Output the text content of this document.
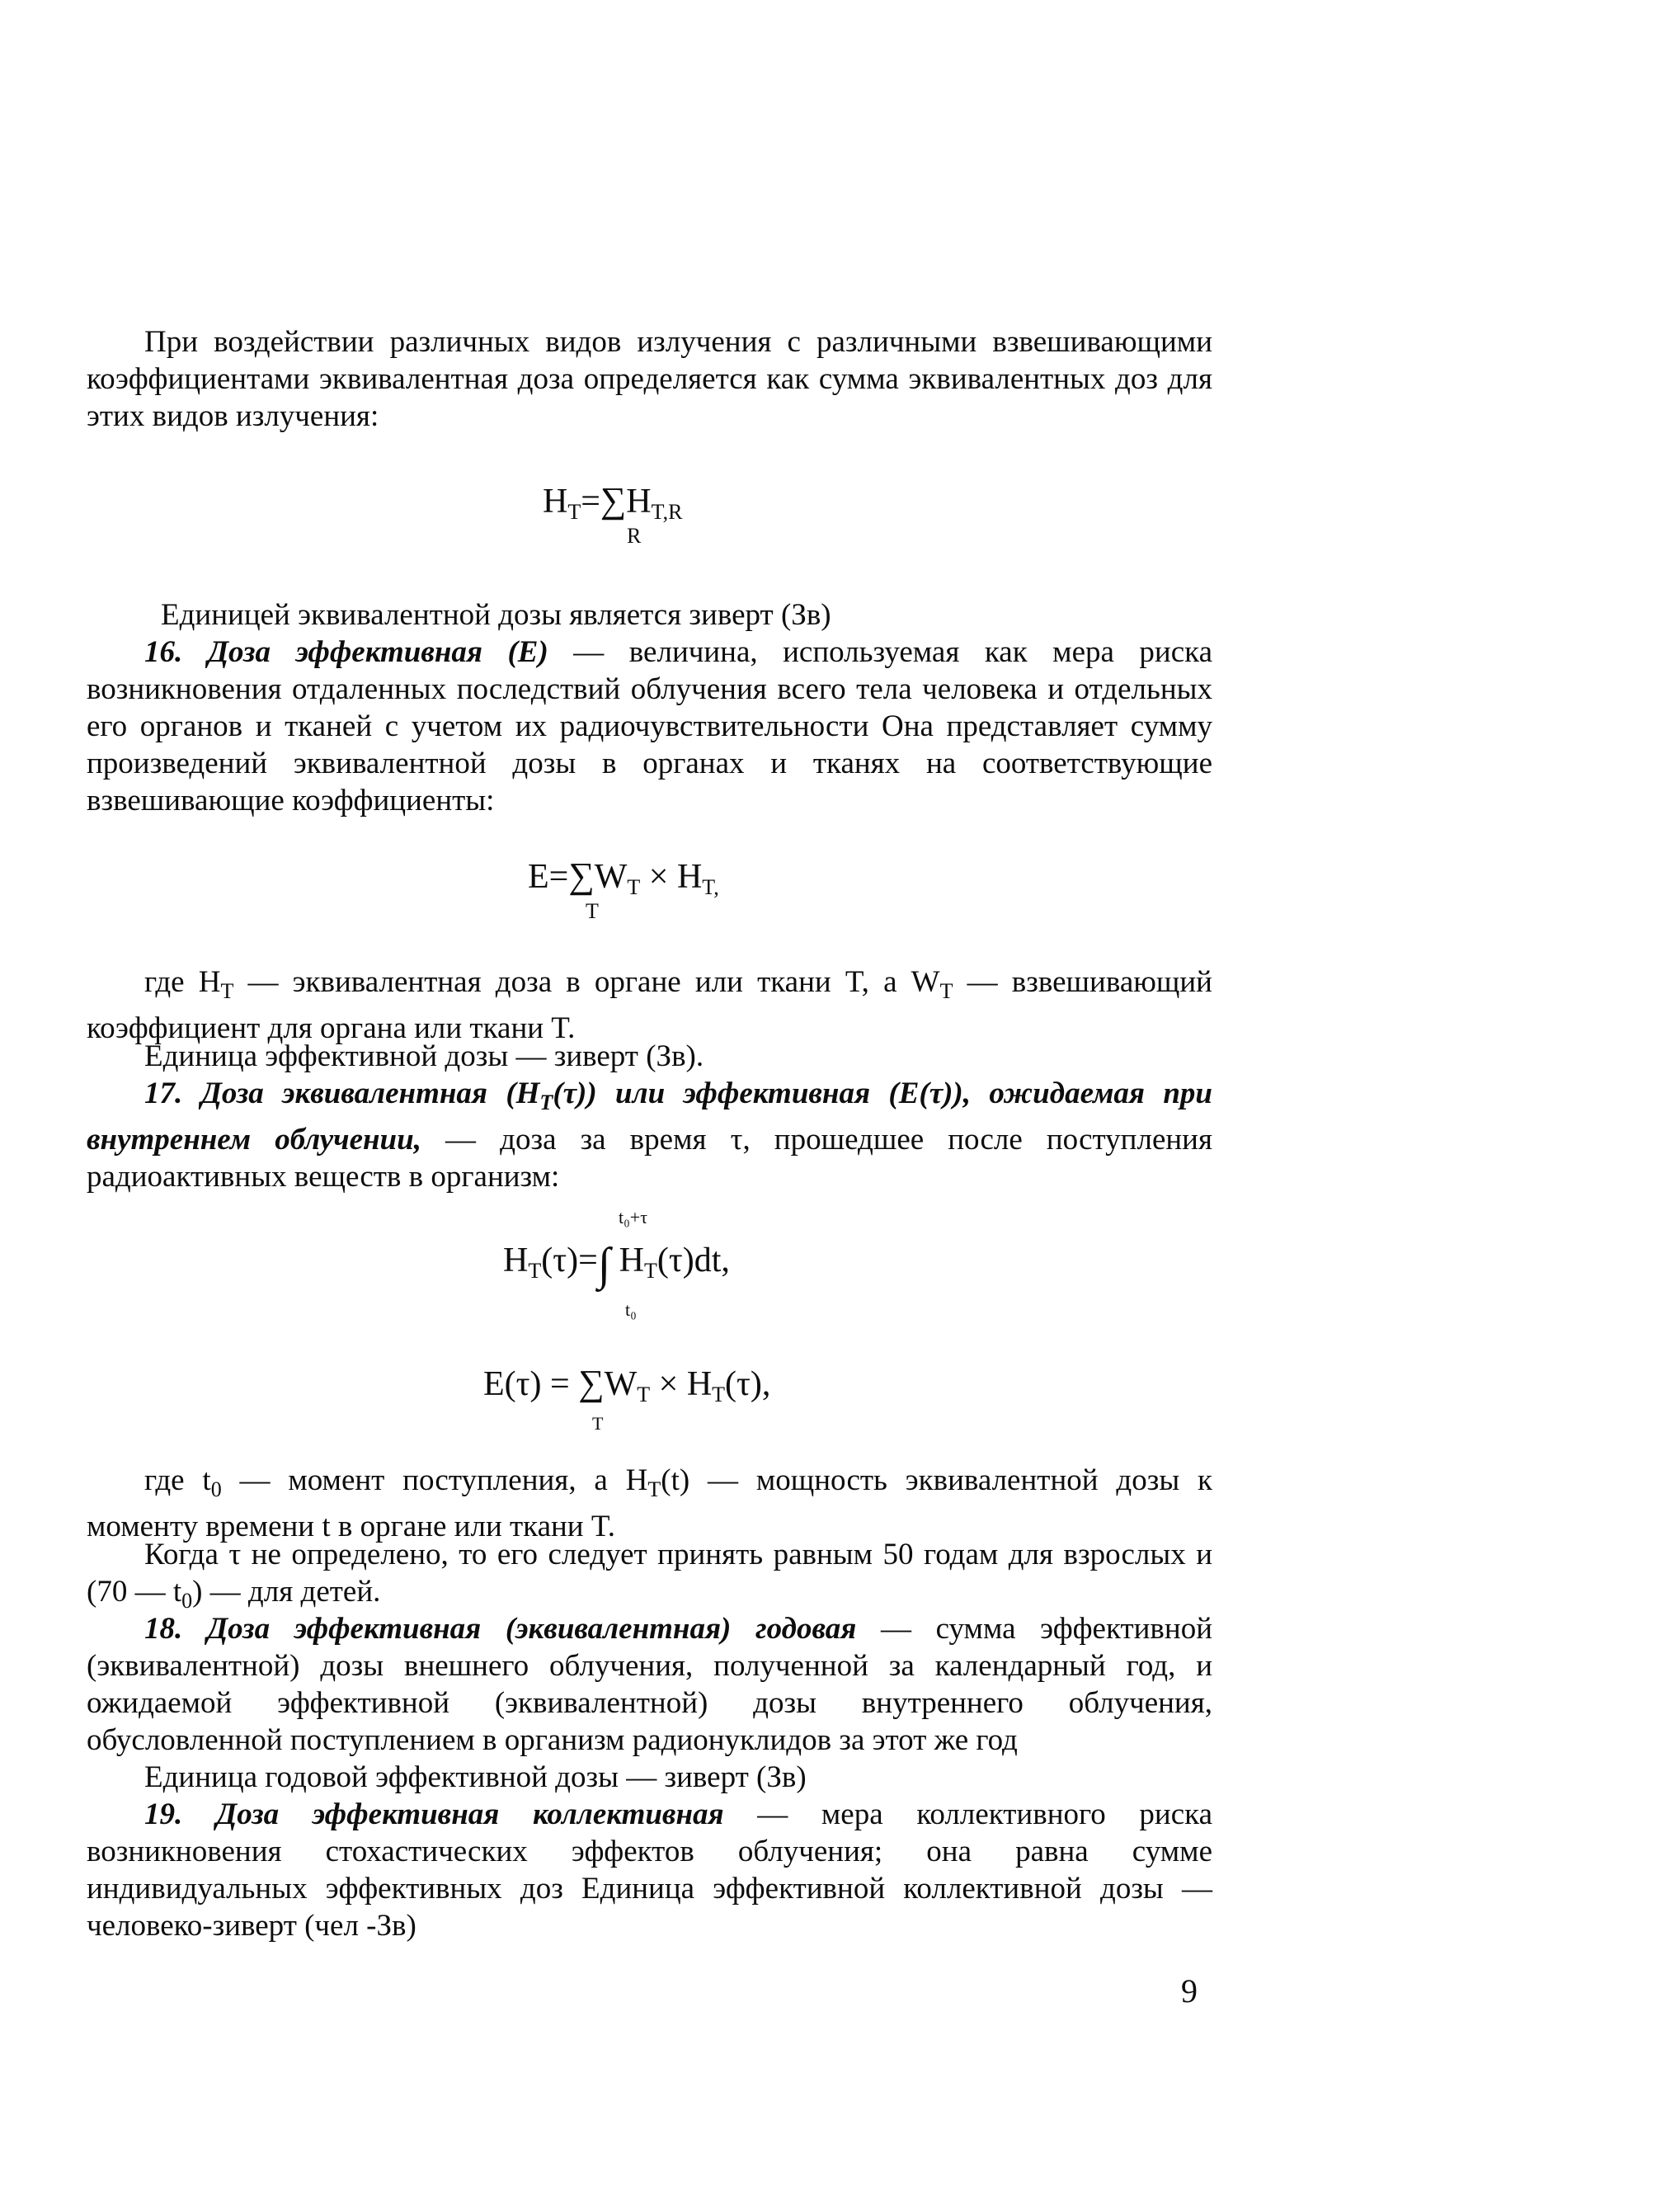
При воздействии различных видов излучения с различными взвешивающими коэффициентами эквивалентная доза определяется как сумма эквивалентных доз для этих видов излучения:

$H_T=\sum H_{T,R}$
R

Единицей эквивалентной дозы является зиверт (Зв)

16. Доза эффективная (Е) — величина, используемая как мера риска возникновения отдаленных последствий облучения всего тела человека и отдельных его органов и тканей с учетом их радиочувствительности Она представляет сумму произведений эквивалентной дозы в органах и тканях на соответствующие взвешивающие коэффициенты:

$E=\sum W_T \times H_{T,}$
T

где $H_T$ — эквивалентная доза в органе или ткани T, а $W_T$ — взвешивающий коэффициент для органа или ткани T.

Единица эффективной дозы — зиверт (Зв).

17. Доза эквивалентная $(H_T(\tau))$ или эффективная (E(τ)), ожидаемая при внутреннем облучении, — доза за время τ, прошедшее после поступления радиоактивных веществ в организм:

$H_T(\tau)=\int$ $H_T(\tau)dt$,
t₀+τ
t₀
$E(\tau) = \sum W_T \times H_T(\tau)$,
T

где $t_0$ — момент поступления, а $H_T(t)$ — мощность эквивалентной дозы к моменту времени t в органе или ткани T.

Когда τ не определено, то его следует принять равным 50 годам для взрослых и (70 — $t_0$) — для детей.

18. Доза эффективная (эквивалентная) годовая — сумма эффективной (эквивалентной) дозы внешнего облучения, полученной за календарный год, и ожидаемой эффективной (эквивалентной) дозы внутреннего облучения, обусловленной поступлением в организм радионуклидов за этот же год

Единица годовой эффективной дозы — зиверт (Зв)

19. Доза эффективная коллективная — мера коллективного риска возникновения стохастических эффектов облучения; она равна сумме индивидуальных эффективных доз Единица эффективной коллективной дозы — человеко-зиверт (чел -Зв)

9
